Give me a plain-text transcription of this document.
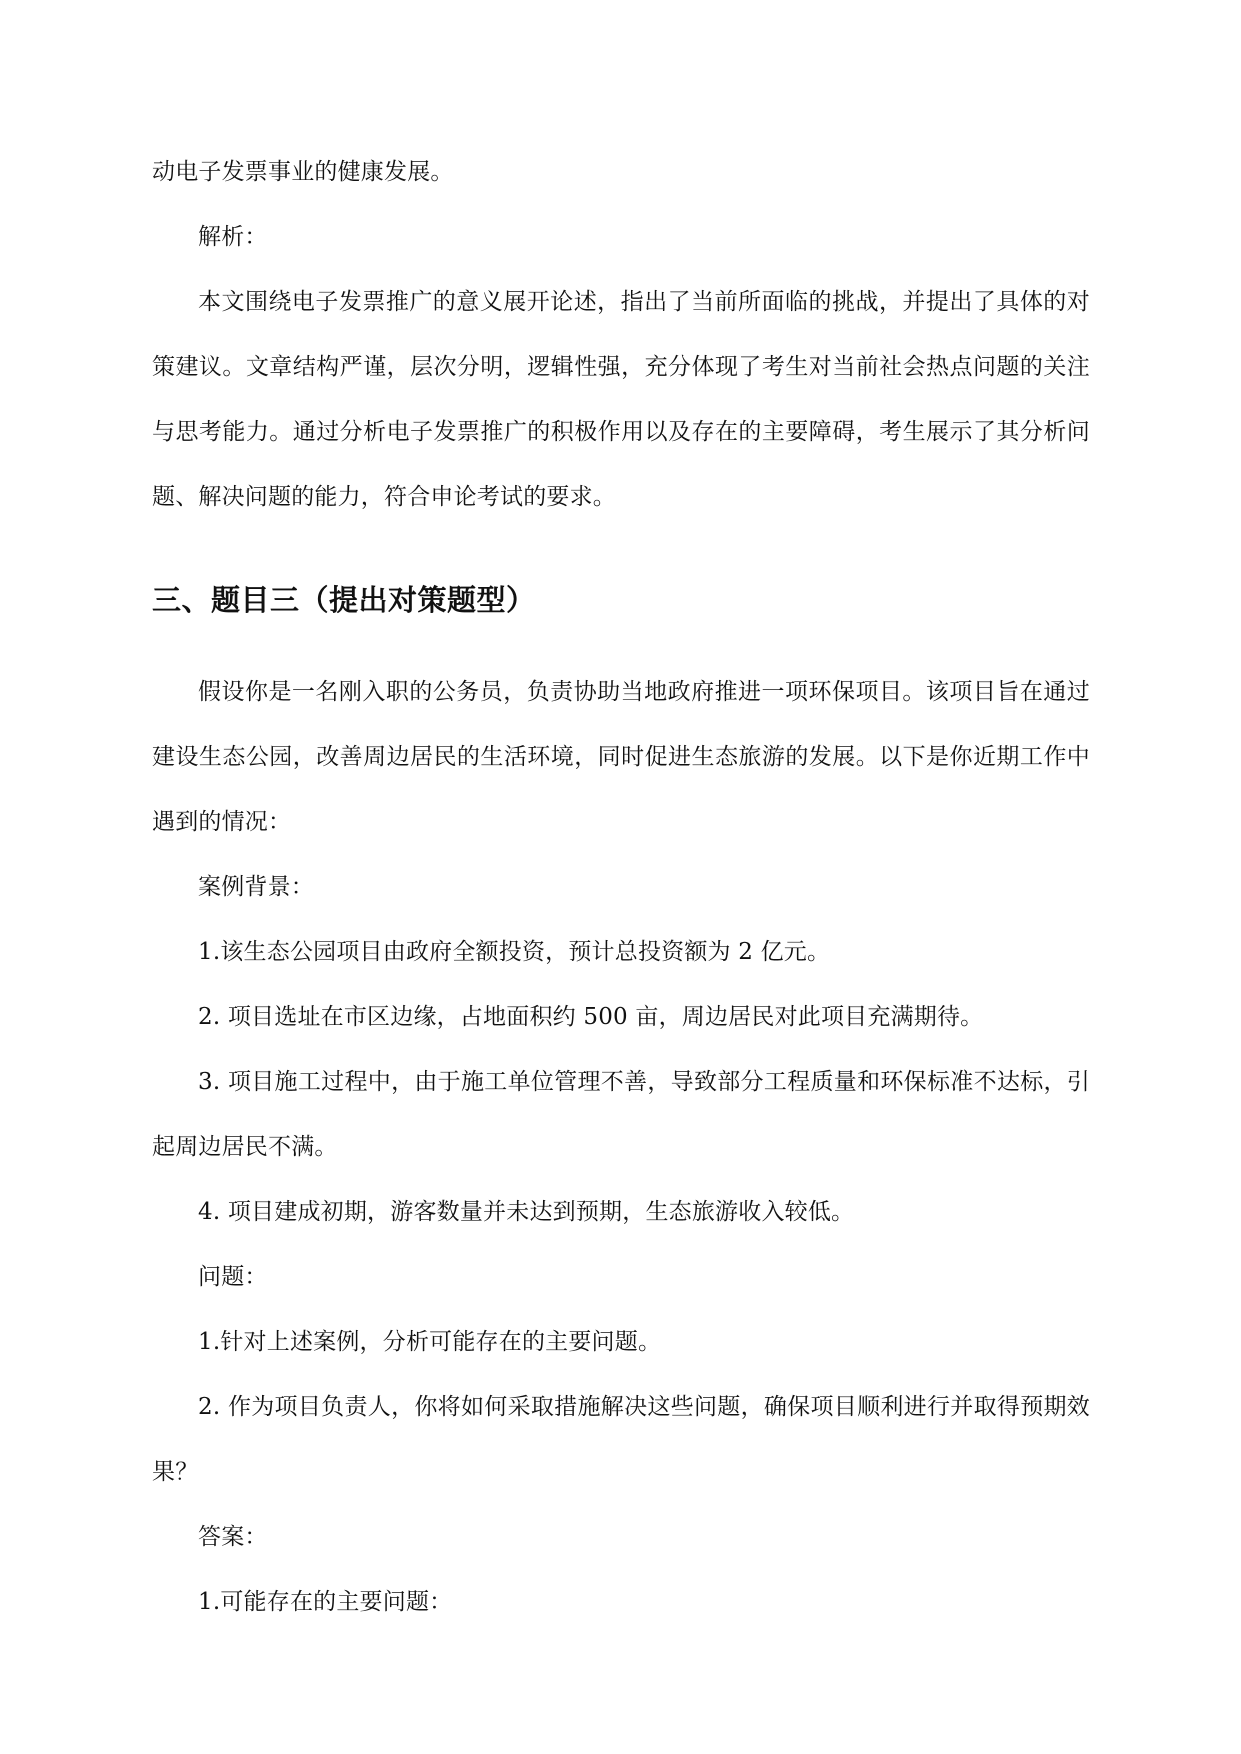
动电子发票事业的健康发展。

解析：

本文围绕电子发票推广的意义展开论述，指出了当前所面临的挑战，并提出了具体的对策建议。文章结构严谨，层次分明，逻辑性强，充分体现了考生对当前社会热点问题的关注与思考能力。通过分析电子发票推广的积极作用以及存在的主要障碍，考生展示了其分析问题、解决问题的能力，符合申论考试的要求。

三、题目三（提出对策题型）

假设你是一名刚入职的公务员，负责协助当地政府推进一项环保项目。该项目旨在通过建设生态公园，改善周边居民的生活环境，同时促进生态旅游的发展。以下是你近期工作中遇到的情况：

案例背景：

1.该生态公园项目由政府全额投资，预计总投资额为 2 亿元。

2. 项目选址在市区边缘，占地面积约 500 亩，周边居民对此项目充满期待。

3. 项目施工过程中，由于施工单位管理不善，导致部分工程质量和环保标准不达标，引起周边居民不满。

4. 项目建成初期，游客数量并未达到预期，生态旅游收入较低。

问题：

1.针对上述案例，分析可能存在的主要问题。

2. 作为项目负责人，你将如何采取措施解决这些问题，确保项目顺利进行并取得预期效果？

答案：

1.可能存在的主要问题：
